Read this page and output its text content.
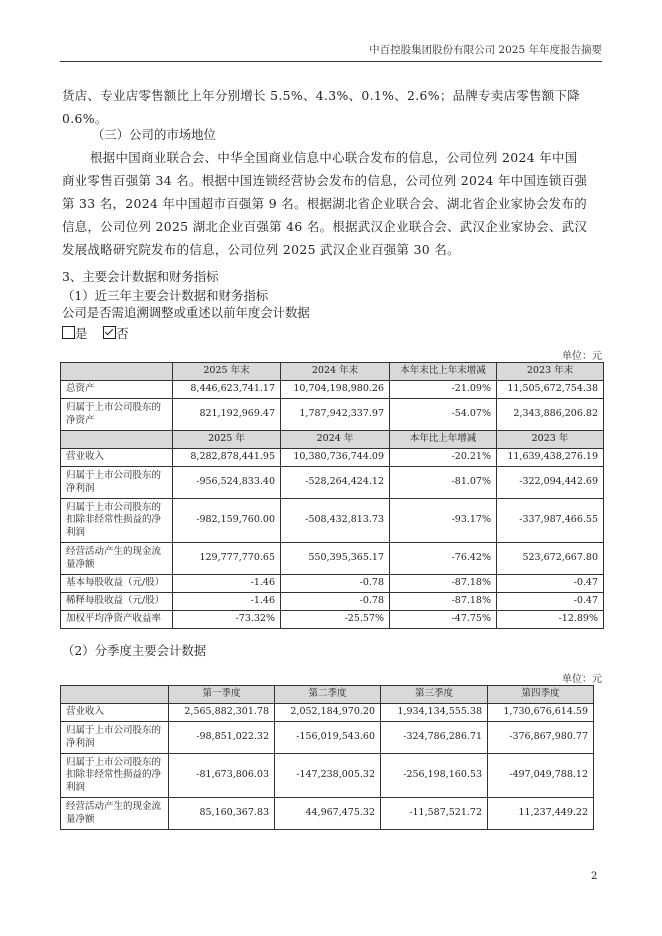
中百控股集团股份有限公司 2025 年年度报告摘要
货店、专业店零售额比上年分别增长 5.5%、4.3%、0.1%、2.6%；品牌专卖店零售额下降
0.6%。
（三）公司的市场地位
根据中国商业联合会、中华全国商业信息中心联合发布的信息，公司位列 2024 年中国
商业零售百强第 34 名。根据中国连锁经营协会发布的信息，公司位列 2024 年中国连锁百强
第 33 名，2024 年中国超市百强第 9 名。根据湖北省企业联合会、湖北省企业家协会发布的
信息，公司位列 2025 湖北企业百强第 46 名。根据武汉企业联合会、武汉企业家协会、武汉
发展战略研究院发布的信息，公司位列 2025 武汉企业百强第 30 名。
3、主要会计数据和财务指标
（1）近三年主要会计数据和财务指标
公司是否需追溯调整或重述以前年度会计数据
是 否
单位：元
	2025 年末	2024 年末	本年末比上年末增减	2023 年末
总资产	8,446,623,741.17	10,704,198,980.26	-21.09%	11,505,672,754.38
归属于上市公司股东的净资产	821,192,969.47	1,787,942,337.97	-54.07%	2,343,886,206.82
	2025 年	2024 年	本年比上年增减	2023 年
营业收入	8,282,878,441.95	10,380,736,744.09	-20.21%	11,639,438,276.19
归属于上市公司股东的净利润	-956,524,833.40	-528,264,424.12	-81.07%	-322,094,442.69
归属于上市公司股东的扣除非经常性损益的净利润	-982,159,760.00	-508,432,813.73	-93.17%	-337,987,466.55
经营活动产生的现金流量净额	129,777,770.65	550,395,365.17	-76.42%	523,672,667.80
基本每股收益（元/股）	-1.46	-0.78	-87.18%	-0.47
稀释每股收益（元/股）	-1.46	-0.78	-87.18%	-0.47
加权平均净资产收益率	-73.32%	-25.57%	-47.75%	-12.89%
（2）分季度主要会计数据
单位：元
	第一季度	第二季度	第三季度	第四季度
营业收入	2,565,882,301.78	2,052,184,970.20	1,934,134,555.38	1,730,676,614.59
归属于上市公司股东的净利润	-98,851,022.32	-156,019,543.60	-324,786,286.71	-376,867,980.77
归属于上市公司股东的扣除非经常性损益的净利润	-81,673,806.03	-147,238,005.32	-256,198,160.53	-497,049,788.12
经营活动产生的现金流量净额	85,160,367.83	44,967,475.32	-11,587,521.72	11,237,449.22
2
